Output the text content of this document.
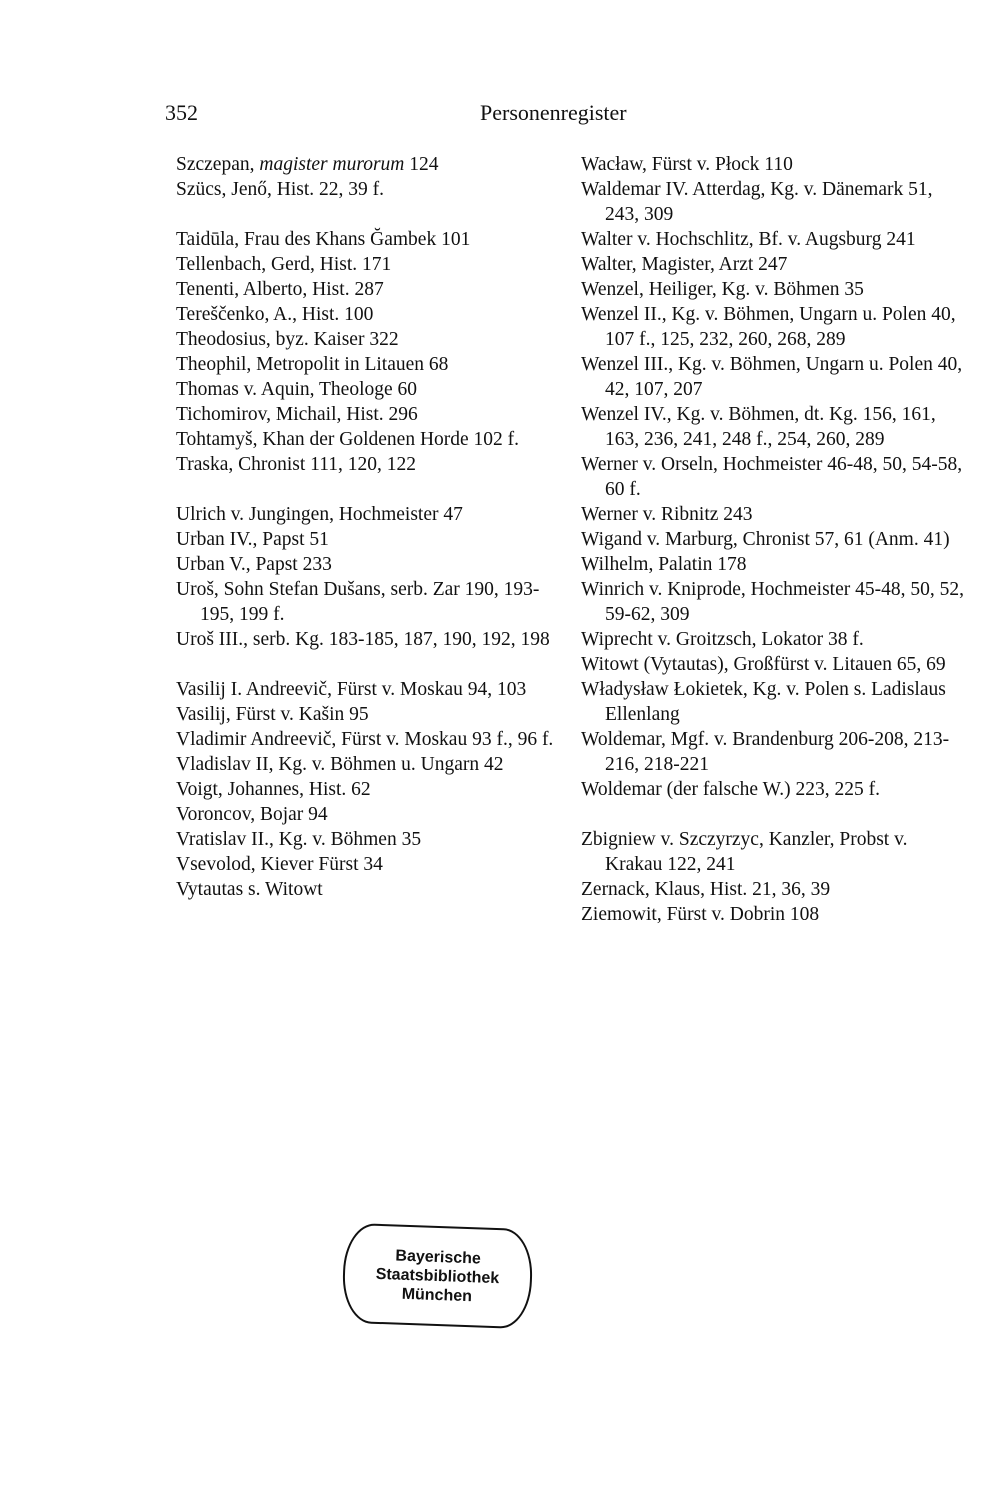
352	Personenregister
Szczepan, magister murorum 124
Szücs, Jenő, Hist. 22, 39 f.
Taidūla, Frau des Khans Ğambek 101
Tellenbach, Gerd, Hist. 171
Tenenti, Alberto, Hist. 287
Tereščenko, A., Hist. 100
Theodosius, byz. Kaiser 322
Theophil, Metropolit in Litauen 68
Thomas v. Aquin, Theologe 60
Tichomirov, Michail, Hist. 296
Tohtamyš, Khan der Goldenen Horde 102 f.
Traska, Chronist 111, 120, 122
Ulrich v. Jungingen, Hochmeister 47
Urban IV., Papst 51
Urban V., Papst 233
Uroš, Sohn Stefan Dušans, serb. Zar 190, 193-195, 199 f.
Uroš III., serb. Kg. 183-185, 187, 190, 192, 198
Vasilij I. Andreevič, Fürst v. Moskau 94, 103
Vasilij, Fürst v. Kašin 95
Vladimir Andreevič, Fürst v. Moskau 93 f., 96 f.
Vladislav II, Kg. v. Böhmen u. Ungarn 42
Voigt, Johannes, Hist. 62
Voroncov, Bojar 94
Vratislav II., Kg. v. Böhmen 35
Vsevolod, Kiever Fürst 34
Vytautas s. Witowt
Wacław, Fürst v. Płock 110
Waldemar IV. Atterdag, Kg. v. Dänemark 51, 243, 309
Walter v. Hochschlitz, Bf. v. Augsburg 241
Walter, Magister, Arzt 247
Wenzel, Heiliger, Kg. v. Böhmen 35
Wenzel II., Kg. v. Böhmen, Ungarn u. Polen 40, 107 f., 125, 232, 260, 268, 289
Wenzel III., Kg. v. Böhmen, Ungarn u. Polen 40, 42, 107, 207
Wenzel IV., Kg. v. Böhmen, dt. Kg. 156, 161, 163, 236, 241, 248 f., 254, 260, 289
Werner v. Orseln, Hochmeister 46-48, 50, 54-58, 60 f.
Werner v. Ribnitz 243
Wigand v. Marburg, Chronist 57, 61 (Anm. 41)
Wilhelm, Palatin 178
Winrich v. Kniprode, Hochmeister 45-48, 50, 52, 59-62, 309
Wiprecht v. Groitzsch, Lokator 38 f.
Witowt (Vytautas), Großfürst v. Litauen 65, 69
Władysław Łokietek, Kg. v. Polen s. Ladislaus Ellenlang
Woldemar, Mgf. v. Brandenburg 206-208, 213-216, 218-221
Woldemar (der falsche W.) 223, 225 f.
Zbigniew v. Szczyrzyc, Kanzler, Probst v. Krakau 122, 241
Zernack, Klaus, Hist. 21, 36, 39
Ziemowit, Fürst v. Dobrin 108
Bayerische
Staatsbibliothek
München
